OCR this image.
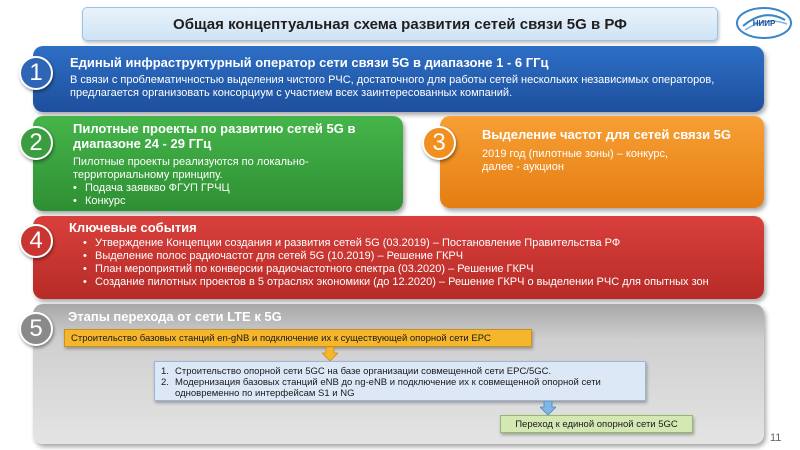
Общая концептуальная схема развития сетей связи 5G в РФ	НИИР
Единый инфраструктурный оператор сети связи 5G в диапазоне 1 - 6 ГГц
В связи с проблематичностью выделения чистого РЧС, достаточного для работы сетей нескольких независимых операторов, предлагается организовать консорциум с участием всех заинтересованных компаний.
1
Пилотные проекты по развитию сетей 5G в диапазоне 24 - 29 ГГц
Пилотные проекты реализуются по локально-территориальному принципу.
• Подача заявкво ФГУП ГРЧЦ
• Конкурс
2	Выделение частот для сетей связи 5G
2019 год (пилотные зоны) – конкурс, далее - аукцион
3
Ключевые события
• Утверждение Концепции создания и развития сетей 5G (03.2019) – Постановление Правительства РФ
• Выделение полос радиочастот для сетей 5G (10.2019) – Решение ГКРЧ
• План мероприятий по конверсии радиочастотного спектра (03.2020) – Решение ГКРЧ
• Создание пилотных проектов в 5 отраслях экономики (до 12.2020) – Решение ГКРЧ о выделении РЧС для опытных зон
4
Этапы перехода от сети LTE к 5G
5	Строительство базовых станций en-gNB и подключение их к существующей опорной сети EPC
1. Строительство опорной сети 5GC на базе организации совмещенной сети EPC/5GC.
2. Модернизация базовых станций eNB до ng-eNB и подключение их к совмещенной опорной сети одновременно по интерфейсам S1 и NG
Переход к единой опорной сети 5GC
11
